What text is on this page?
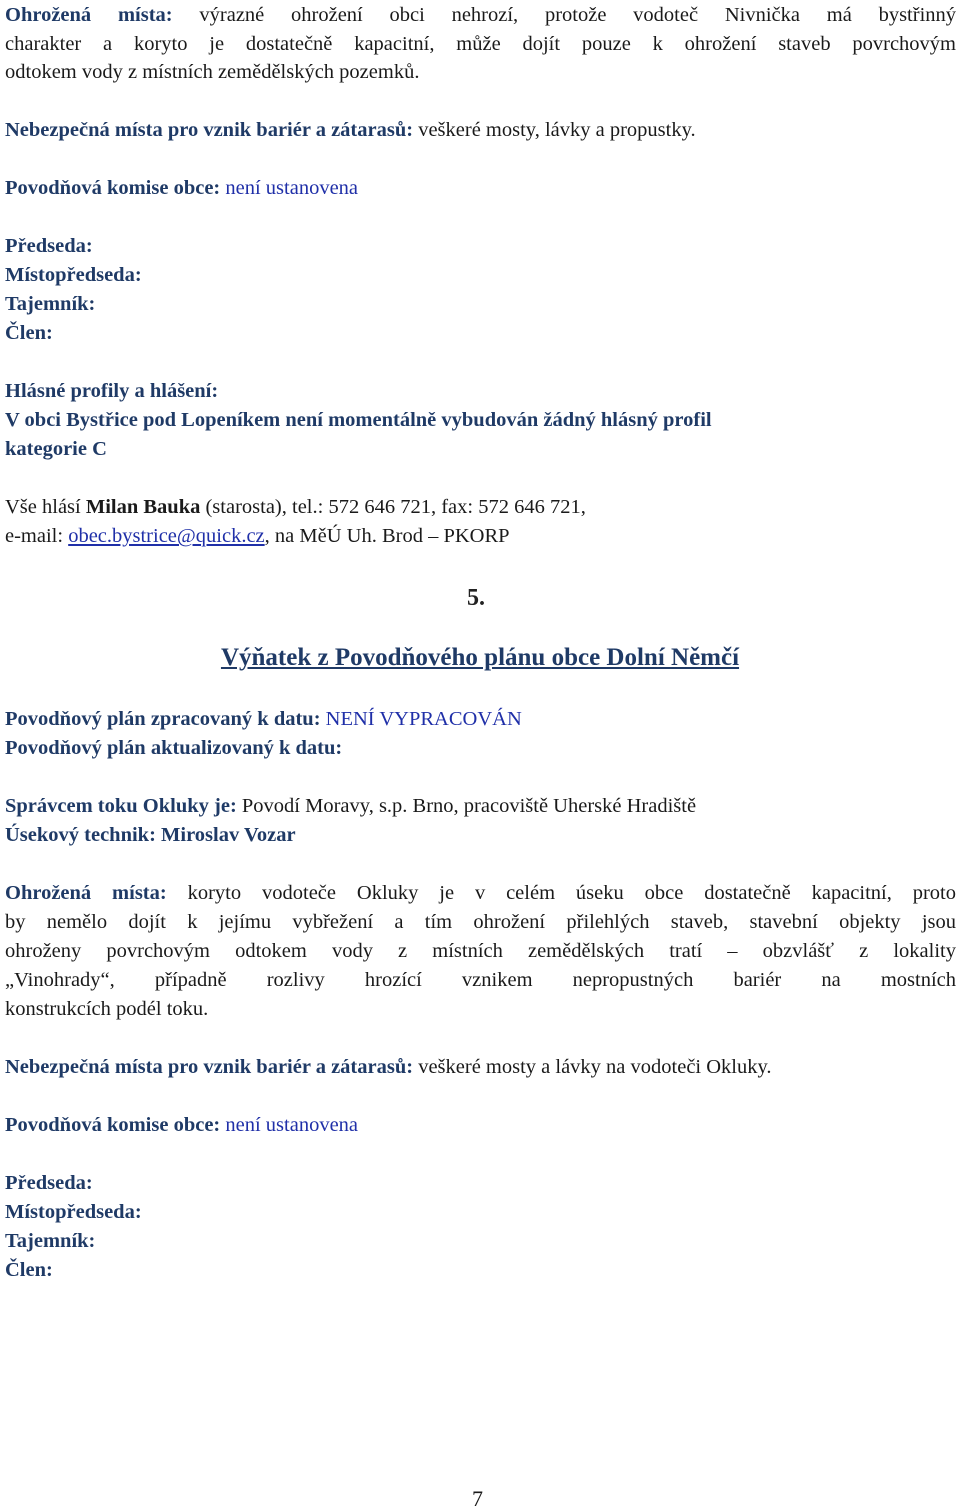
Ohrožená místa: výrazné ohrožení obci nehrozí, protože vodoteč Nivnička má bystřinný
charakter a koryto je dostatečně kapacitní, může dojít pouze k ohrožení staveb povrchovým
odtokem vody z místních zemědělských pozemků.
Nebezpečná místa pro vznik bariér a zátarasů: veškeré mosty, lávky a propustky.
Povodňová komise obce: není ustanovena
Předseda:
Místopředseda:
Tajemník:
Člen:
Hlásné profily a hlášení:
V obci Bystřice pod Lopeníkem není momentálně vybudován žádný hlásný profil
kategorie C
Vše hlásí Milan Bauka (starosta), tel.: 572 646 721, fax: 572 646 721,
e-mail: obec.bystrice@quick.cz, na MěÚ Uh. Brod – PKORP
5.
Výňatek z Povodňového plánu obce Dolní Němčí
Povodňový plán zpracovaný k datu: NENÍ VYPRACOVÁN
Povodňový plán aktualizovaný k datu:
Správcem toku Okluky je: Povodí Moravy, s.p. Brno, pracoviště Uherské Hradiště
Úsekový technik: Miroslav Vozar
Ohrožená místa: koryto vodoteče Okluky je v celém úseku obce dostatečně kapacitní, proto
by nemělo dojít k jejímu vybřežení a tím ohrožení přilehlých staveb, stavební objekty jsou
ohroženy povrchovým odtokem vody z místních zemědělských tratí – obzvlášť z lokality
„Vinohrady“, případně rozlivy hrozící vznikem nepropustných bariér na mostních
konstrukcích podél toku.
Nebezpečná místa pro vznik bariér a zátarasů: veškeré mosty a lávky na vodoteči Okluky.
Povodňová komise obce: není ustanovena
Předseda:
Místopředseda:
Tajemník:
Člen:
7
